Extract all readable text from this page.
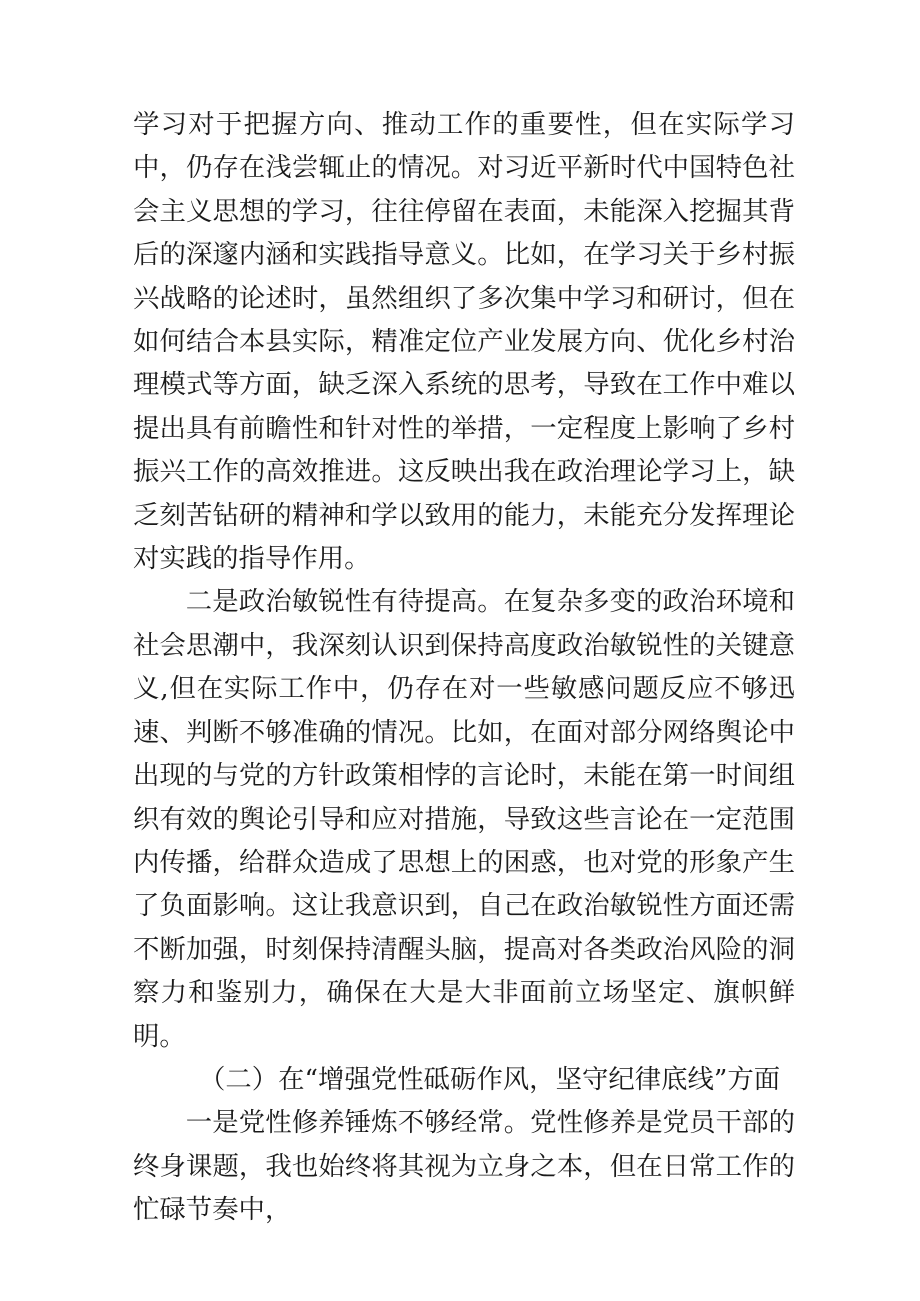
学习对于把握方向、推动工作的重要性，但在实际学习中，仍存在浅尝辄止的情况。对习近平新时代中国特色社会主义思想的学习，往往停留在表面，未能深入挖掘其背后的深邃内涵和实践指导意义。比如，在学习关于乡村振兴战略的论述时，虽然组织了多次集中学习和研讨，但在如何结合本县实际，精准定位产业发展方向、优化乡村治理模式等方面，缺乏深入系统的思考，导致在工作中难以提出具有前瞻性和针对性的举措，一定程度上影响了乡村振兴工作的高效推进。这反映出我在政治理论学习上，缺乏刻苦钻研的精神和学以致用的能力，未能充分发挥理论对实践的指导作用。

二是政治敏锐性有待提高。在复杂多变的政治环境和社会思潮中，我深刻认识到保持高度政治敏锐性的关键意义,但在实际工作中，仍存在对一些敏感问题反应不够迅速、判断不够准确的情况。比如，在面对部分网络舆论中出现的与党的方针政策相悖的言论时，未能在第一时间组织有效的舆论引导和应对措施，导致这些言论在一定范围内传播，给群众造成了思想上的困惑，也对党的形象产生了负面影响。这让我意识到，自己在政治敏锐性方面还需不断加强，时刻保持清醒头脑，提高对各类政治风险的洞察力和鉴别力，确保在大是大非面前立场坚定、旗帜鲜明。

（二）在“增强党性砥砺作风，坚守纪律底线”方面

一是党性修养锤炼不够经常。党性修养是党员干部的终身课题，我也始终将其视为立身之本，但在日常工作的忙碌节奏中，
